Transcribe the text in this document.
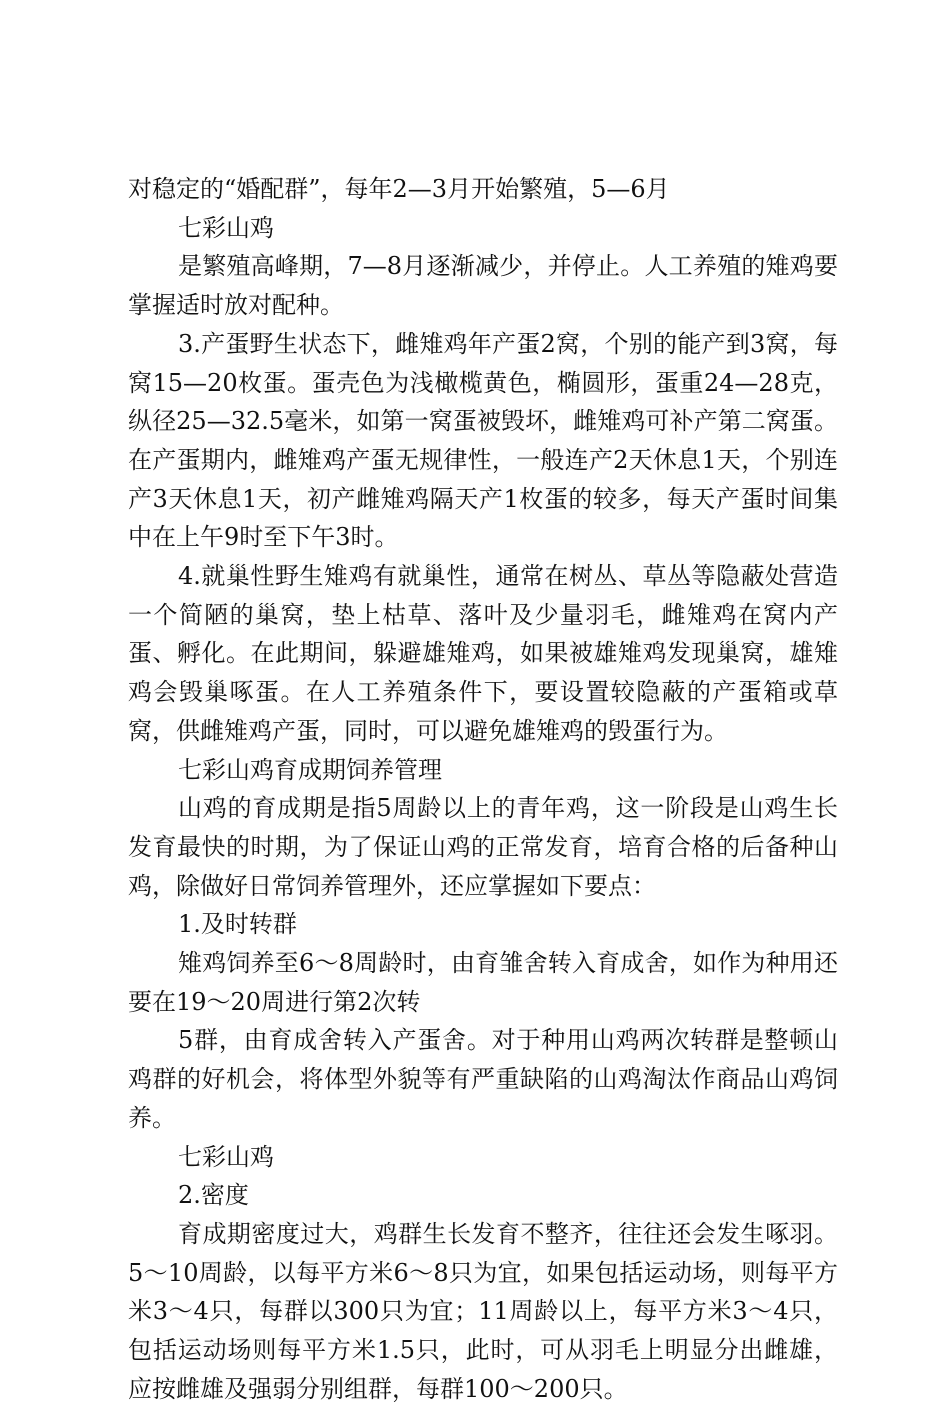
对稳定的“婚配群”，每年2—3月开始繁殖，5—6月

七彩山鸡

是繁殖高峰期，7—8月逐渐减少，并停止。人工养殖的雉鸡要掌握适时放对配种。

3.产蛋野生状态下，雌雉鸡年产蛋2窝，个别的能产到3窝，每窝15—20枚蛋。蛋壳色为浅橄榄黄色，椭圆形，蛋重24—28克，纵径25—32.5毫米，如第一窝蛋被毁坏，雌雉鸡可补产第二窝蛋。在产蛋期内，雌雉鸡产蛋无规律性，一般连产2天休息1天，个别连产3天休息1天，初产雌雉鸡隔天产1枚蛋的较多，每天产蛋时间集中在上午9时至下午3时。

4.就巢性野生雉鸡有就巢性，通常在树丛、草丛等隐蔽处营造一个简陋的巢窝，垫上枯草、落叶及少量羽毛，雌雉鸡在窝内产蛋、孵化。在此期间，躲避雄雉鸡，如果被雄雉鸡发现巢窝，雄雉鸡会毁巢啄蛋。在人工养殖条件下，要设置较隐蔽的产蛋箱或草窝，供雌雉鸡产蛋，同时，可以避免雄雉鸡的毁蛋行为。

七彩山鸡育成期饲养管理

山鸡的育成期是指5周龄以上的青年鸡，这一阶段是山鸡生长发育最快的时期，为了保证山鸡的正常发育，培育合格的后备种山鸡，除做好日常饲养管理外，还应掌握如下要点：

1.及时转群

雉鸡饲养至6～8周龄时，由育雏舍转入育成舍，如作为种用还要在19～20周进行第2次转

5群，由育成舍转入产蛋舍。对于种用山鸡两次转群是整顿山鸡群的好机会，将体型外貌等有严重缺陷的山鸡淘汰作商品山鸡饲养。

七彩山鸡

2.密度

育成期密度过大，鸡群生长发育不整齐，往往还会发生啄羽。5～10周龄，以每平方米6～8只为宜，如果包括运动场，则每平方米3～4只，每群以300只为宜；11周龄以上，每平方米3～4只，包括运动场则每平方米1.5只，此时，可从羽毛上明显分出雌雄，应按雌雄及强弱分别组群，每群100～200只。
